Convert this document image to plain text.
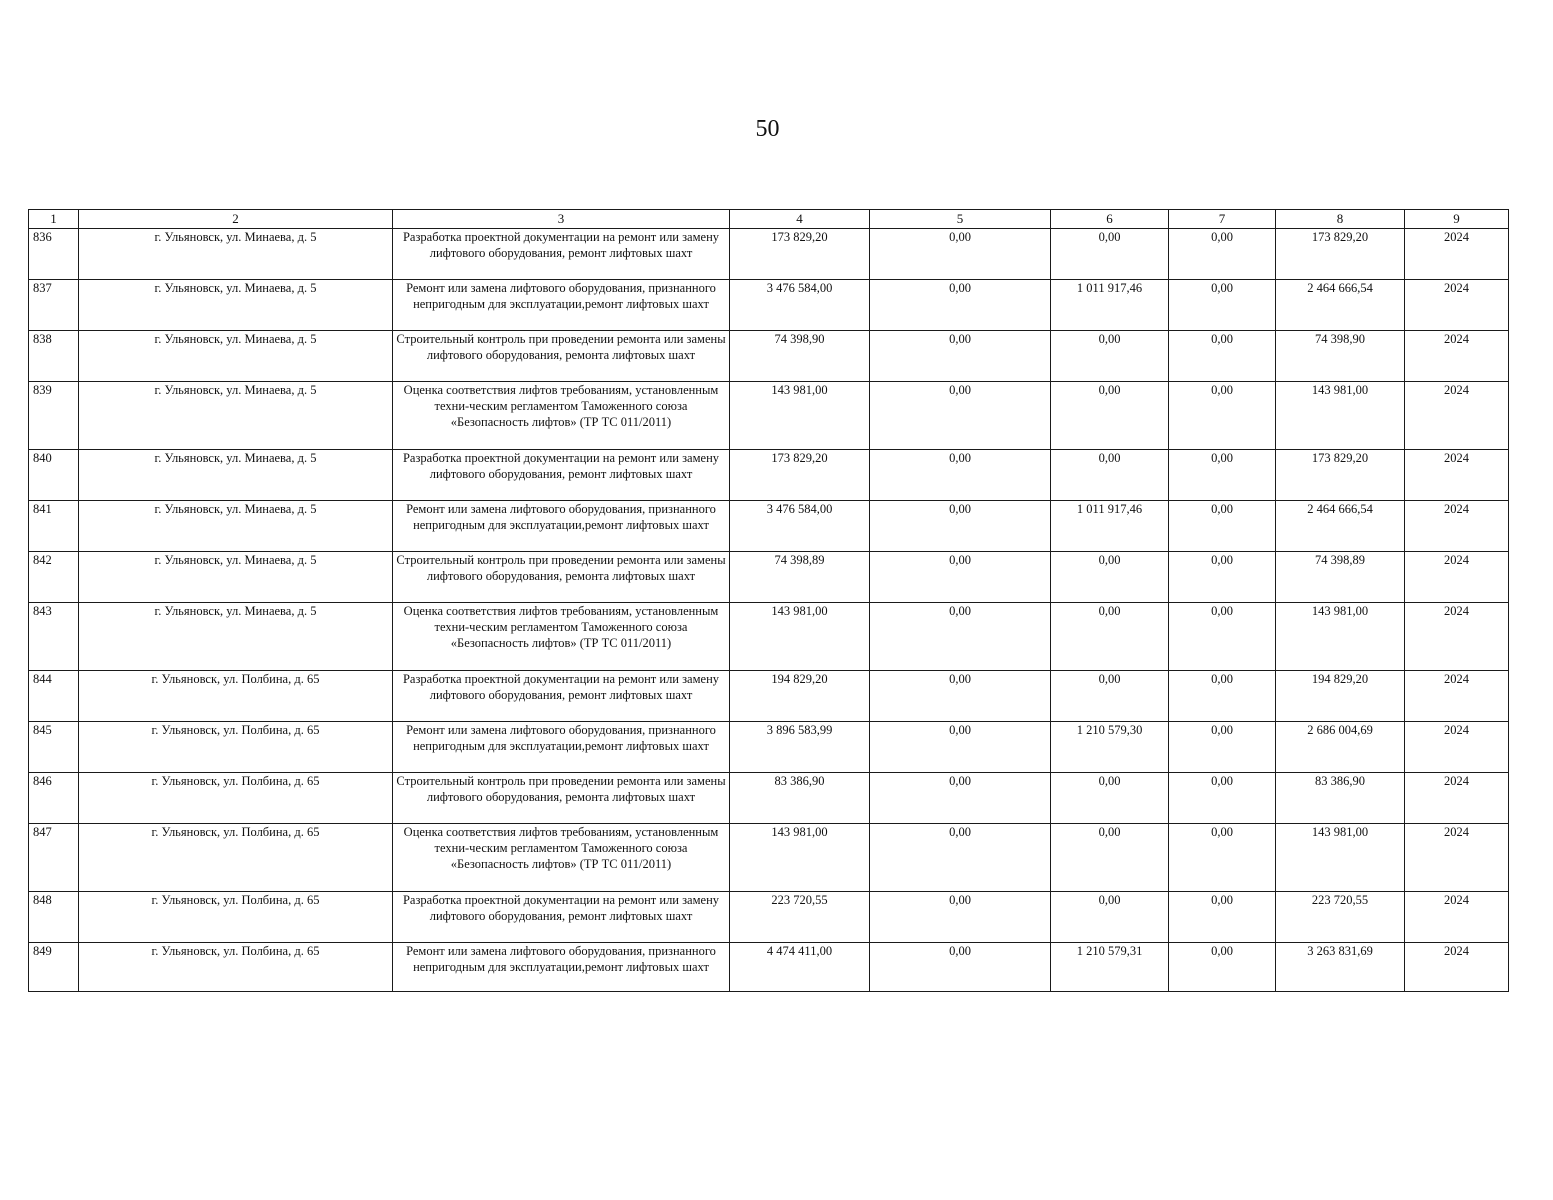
50
1	2	3	4	5	6	7	8	9
836	г. Ульяновск, ул. Минаева, д. 5	Разработка проектной документации на ремонт или замену лифтового оборудования, ремонт лифтовых шахт	173 829,20	0,00	0,00	0,00	173 829,20	2024
837	г. Ульяновск, ул. Минаева, д. 5	Ремонт или замена лифтового оборудования, признанного непригодным для эксплуатации,ремонт лифтовых шахт	3 476 584,00	0,00	1 011 917,46	0,00	2 464 666,54	2024
838	г. Ульяновск, ул. Минаева, д. 5	Строительный контроль при проведении ремонта или замены лифтового оборудования, ремонта лифтовых шахт	74 398,90	0,00	0,00	0,00	74 398,90	2024
839	г. Ульяновск, ул. Минаева, д. 5	Оценка соответствия лифтов требованиям, установленным техни-ческим регламентом Таможенного союза «Безопасность лифтов» (ТР ТС 011/2011)	143 981,00	0,00	0,00	0,00	143 981,00	2024
840	г. Ульяновск, ул. Минаева, д. 5	Разработка проектной документации на ремонт или замену лифтового оборудования, ремонт лифтовых шахт	173 829,20	0,00	0,00	0,00	173 829,20	2024
841	г. Ульяновск, ул. Минаева, д. 5	Ремонт или замена лифтового оборудования, признанного непригодным для эксплуатации,ремонт лифтовых шахт	3 476 584,00	0,00	1 011 917,46	0,00	2 464 666,54	2024
842	г. Ульяновск, ул. Минаева, д. 5	Строительный контроль при проведении ремонта или замены лифтового оборудования, ремонта лифтовых шахт	74 398,89	0,00	0,00	0,00	74 398,89	2024
843	г. Ульяновск, ул. Минаева, д. 5	Оценка соответствия лифтов требованиям, установленным техни-ческим регламентом Таможенного союза «Безопасность лифтов» (ТР ТС 011/2011)	143 981,00	0,00	0,00	0,00	143 981,00	2024
844	г. Ульяновск, ул. Полбина, д. 65	Разработка проектной документации на ремонт или замену лифтового оборудования, ремонт лифтовых шахт	194 829,20	0,00	0,00	0,00	194 829,20	2024
845	г. Ульяновск, ул. Полбина, д. 65	Ремонт или замена лифтового оборудования, признанного непригодным для эксплуатации,ремонт лифтовых шахт	3 896 583,99	0,00	1 210 579,30	0,00	2 686 004,69	2024
846	г. Ульяновск, ул. Полбина, д. 65	Строительный контроль при проведении ремонта или замены лифтового оборудования, ремонта лифтовых шахт	83 386,90	0,00	0,00	0,00	83 386,90	2024
847	г. Ульяновск, ул. Полбина, д. 65	Оценка соответствия лифтов требованиям, установленным техни-ческим регламентом Таможенного союза «Безопасность лифтов» (ТР ТС 011/2011)	143 981,00	0,00	0,00	0,00	143 981,00	2024
848	г. Ульяновск, ул. Полбина, д. 65	Разработка проектной документации на ремонт или замену лифтового оборудования, ремонт лифтовых шахт	223 720,55	0,00	0,00	0,00	223 720,55	2024
849	г. Ульяновск, ул. Полбина, д. 65	Ремонт или замена лифтового оборудования, признанного непригодным для эксплуатации,ремонт лифтовых шахт	4 474 411,00	0,00	1 210 579,31	0,00	3 263 831,69	2024
